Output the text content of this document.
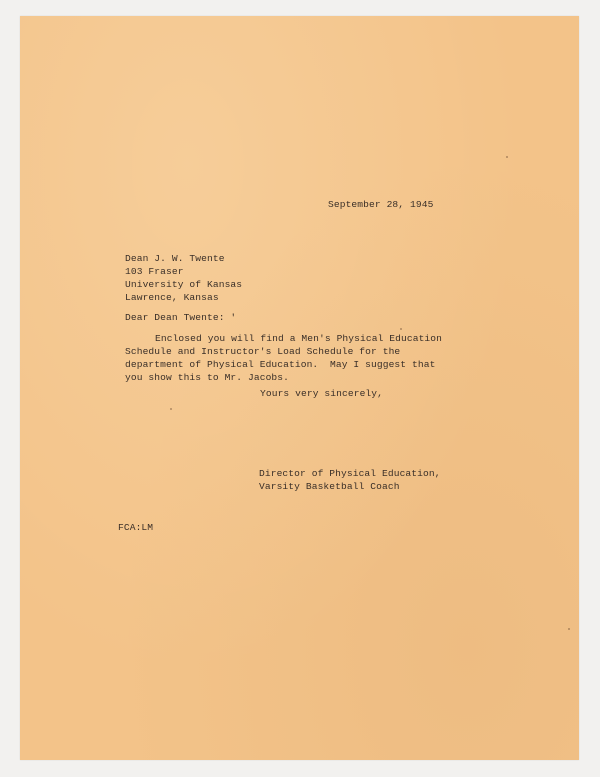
September 28, 1945
Dean J. W. Twente
103 Fraser
University of Kansas
Lawrence, Kansas
Dear Dean Twente: '
Enclosed you will find a Men's Physical Education
Schedule and Instructor's Load Schedule for the
department of Physical Education.  May I suggest that
you show this to Mr. Jacobs.
Yours very sincerely,
Director of Physical Education,
Varsity Basketball Coach
FCA:LM
